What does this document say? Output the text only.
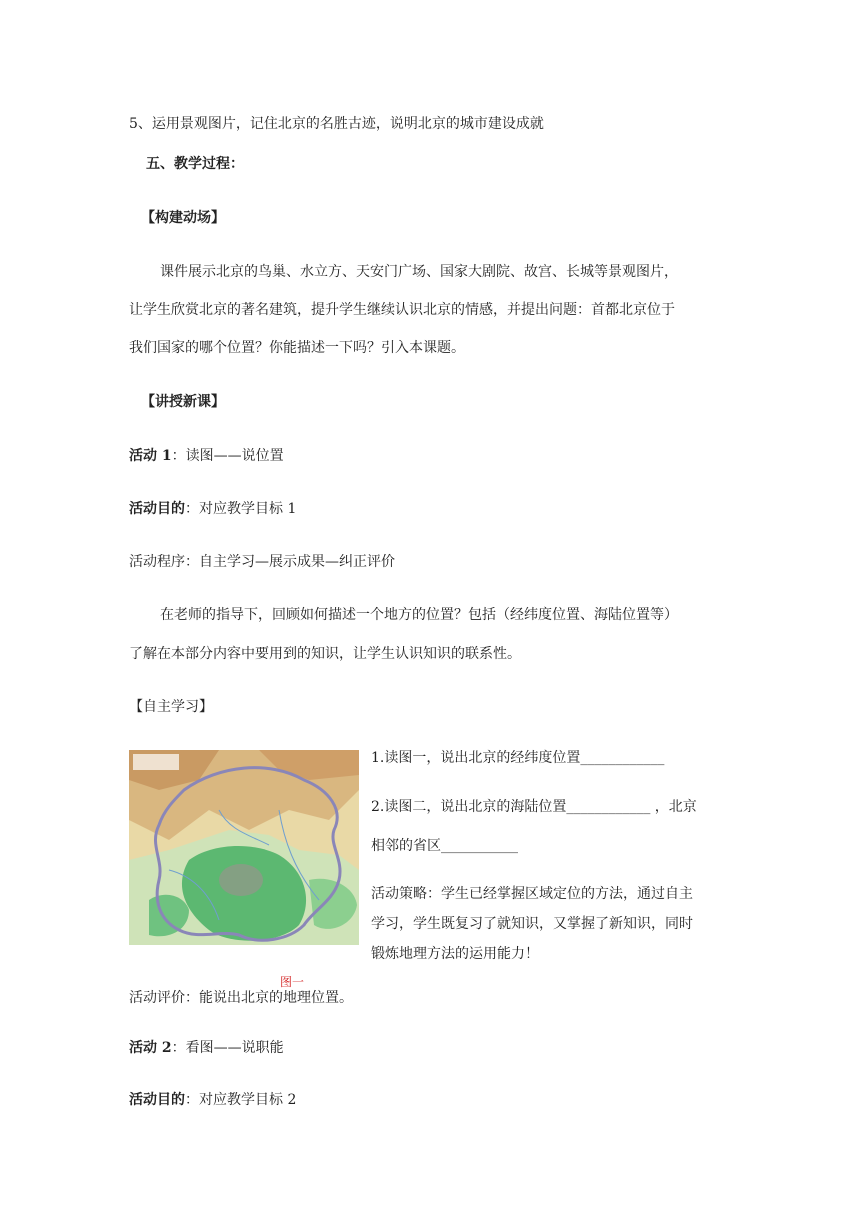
5、运用景观图片，记住北京的名胜古迹，说明北京的城市建设成就
五、教学过程：
【构建动场】
课件展示北京的鸟巢、水立方、天安门广场、国家大剧院、故宫、长城等景观图片，
让学生欣赏北京的著名建筑，提升学生继续认识北京的情感，并提出问题：首都北京位于
我们国家的哪个位置？你能描述一下吗？引入本课题。
【讲授新课】
活动 1：读图——说位置
活动目的：对应教学目标 1
活动程序：自主学习—展示成果—纠正评价
在老师的指导下，回顾如何描述一个地方的位置？包括（经纬度位置、海陆位置等）
了解在本部分内容中要用到的知识，让学生认识知识的联系性。
【自主学习】
图一
1.读图一，说出北京的经纬度位置____________
2.读图二，说出北京的海陆位置____________ ，北京
相邻的省区___________
活动策略：学生已经掌握区域定位的方法，通过自主
学习，学生既复习了就知识，又掌握了新知识，同时
锻炼地理方法的运用能力！
活动评价：能说出北京的地理位置。
活动 2：看图——说职能
活动目的：对应教学目标 2
